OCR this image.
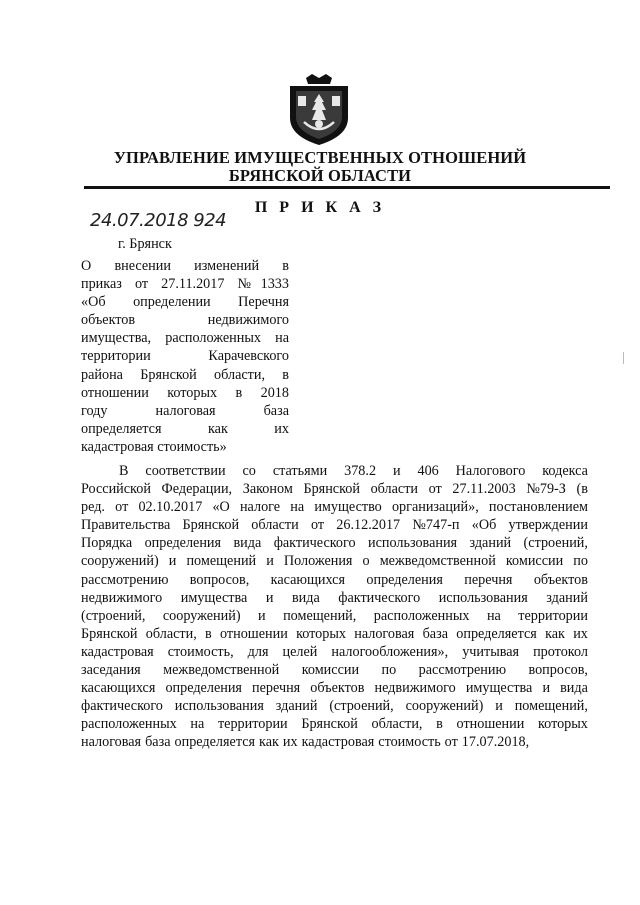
УПРАВЛЕНИЕ ИМУЩЕСТВЕННЫХ ОТНОШЕНИЙ
БРЯНСКОЙ ОБЛАСТИ
П Р И К А З
24.07.2018 924
г. Брянск
О внесении изменений в
приказ от 27.11.2017 №1333
«Об определении Перечня
объектов недвижимого
имущества, расположенных на
территории Карачевского
района Брянской области, в
отношении которых в 2018
году налоговая база
определяется как их
кадастровая стоимость»
В соответствии со статьями 378.2 и 406 Налогового кодекса
Российской Федерации, Законом Брянской области от 27.11.2003 №79-З (в
ред. от 02.10.2017 «О налоге на имущество организаций», постановлением
Правительства Брянской области от 26.12.2017 №747-п «Об утверждении
Порядка определения вида фактического использования зданий (строений,
сооружений) и помещений и Положения о межведомственной комиссии по
рассмотрению вопросов, касающихся определения перечня объектов
недвижимого имущества и вида фактического использования зданий
(строений, сооружений) и помещений, расположенных на территории
Брянской области, в отношении которых налоговая база определяется как их
кадастровая стоимость, для целей налогообложения», учитывая протокол
заседания межведомственной комиссии по рассмотрению вопросов,
касающихся определения перечня объектов недвижимого имущества и вида
фактического использования зданий (строений, сооружений) и помещений,
расположенных на территории Брянской области, в отношении которых
налоговая база определяется как их кадастровая стоимость от 17.07.2018,
